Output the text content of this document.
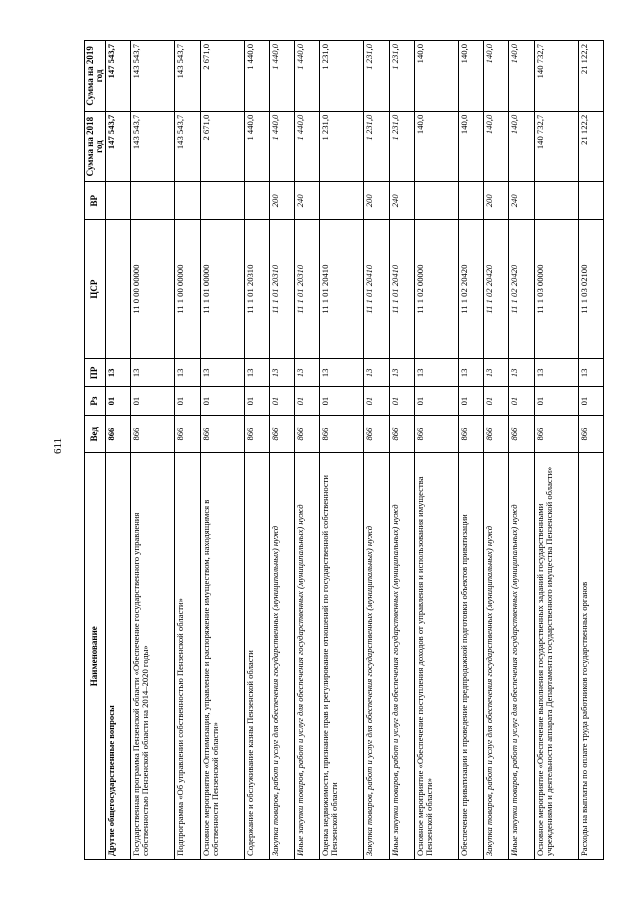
611
Наименование	Вед	Рз	ПР	ЦСР	ВР	Сумма на 2018 год	Сумма на 2019 год
Другие общегосударственные вопросы	866	01	13			147 543,7	147 543,7
Государственная программа Пензенской области «Обеспечение государственного управления собственностью Пензенской области на 2014–2020 годы»	866	01	13	11 0 00 00000		143 543,7	143 543,7
Подпрограмма «Об управлении собственностью Пензенской области»	866	01	13	11 1 00 00000		143 543,7	143 543,7
Основное мероприятие «Оптимизация, управление и распоряжение имуществом, находящимся в собственности Пензенской области»	866	01	13	11 1 01 00000		2 671,0	2 671,0
Содержание и обслуживание казны Пензенской области	866	01	13	11 1 01 20310		1 440,0	1 440,0
Закупка товаров, работ и услуг для обеспечения государственных (муниципальных) нужд	866	01	13	11 1 01 20310	200	1 440,0	1 440,0
Иные закупки товаров, работ и услуг для обеспечения государственных (муниципальных) нужд	866	01	13	11 1 01 20310	240	1 440,0	1 440,0
Оценка недвижимости, признание прав и регулирование отношений по государственной собственности Пензенской области	866	01	13	11 1 01 20410		1 231,0	1 231,0
Закупка товаров, работ и услуг для обеспечения государственных (муниципальных) нужд	866	01	13	11 1 01 20410	200	1 231,0	1 231,0
Иные закупки товаров, работ и услуг для обеспечения государственных (муниципальных) нужд	866	01	13	11 1 01 20410	240	1 231,0	1 231,0
Основное мероприятие «Обеспечение поступления доходов от управления и использования имущества Пензенской области»	866	01	13	11 1 02 00000		140,0	140,0
Обеспечение приватизации и проведение предпродажной подготовки объектов приватизации	866	01	13	11 1 02 20420		140,0	140,0
Закупка товаров, работ и услуг для обеспечения государственных (муниципальных) нужд	866	01	13	11 1 02 20420	200	140,0	140,0
Иные закупки товаров, работ и услуг для обеспечения государственных (муниципальных) нужд	866	01	13	11 1 02 20420	240	140,0	140,0
Основное мероприятие «Обеспечение выполнения государственных заданий государственными учреждениями и деятельности аппарата Департамента государственного имущества Пензенской области»	866	01	13	11 1 03 00000		140 732,7	140 732,7
Расходы на выплаты по оплате труда работников государственных органов	866	01	13	11 1 03 02100		21 122,2	21 122,2
